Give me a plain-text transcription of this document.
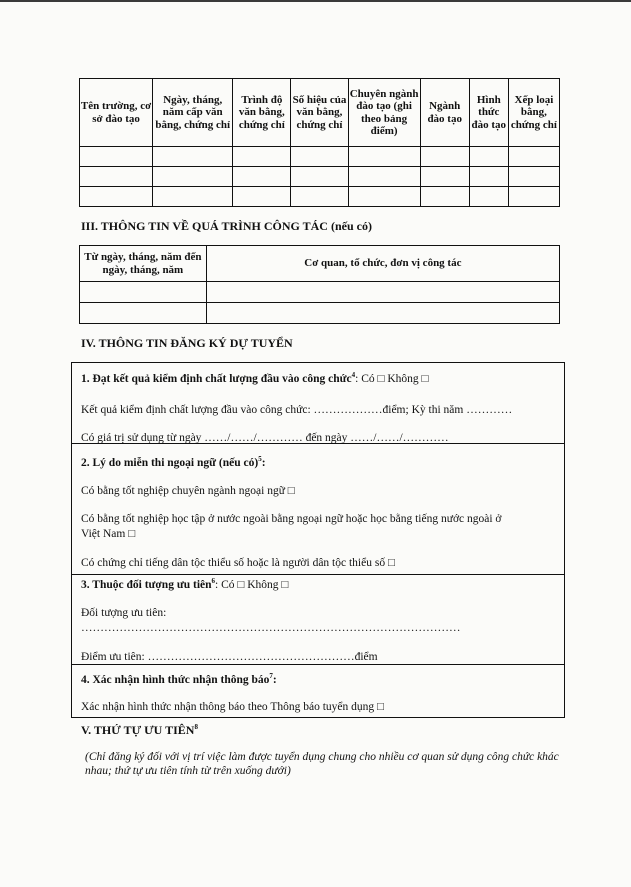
Tên trường, cơ sở đào tạo	Ngày, tháng, năm cấp văn bằng, chứng chỉ	Trình độ văn bằng, chứng chỉ	Số hiệu của văn bằng, chứng chỉ	Chuyên ngành đào tạo (ghi theo bảng điểm)	Ngành đào tạo	Hình thức đào tạo	Xếp loại bằng, chứng chỉ

III. THÔNG TIN VỀ QUÁ TRÌNH CÔNG TÁC (nếu có)
Từ ngày, tháng, năm đến ngày, tháng, năm	Cơ quan, tổ chức, đơn vị công tác

IV. THÔNG TIN ĐĂNG KÝ DỰ TUYỂN
1. Đạt kết quả kiểm định chất lượng đầu vào công chức$^4$: Có □ Không □
Kết quả kiểm định chất lượng đầu vào công chức: ………………điểm; Kỳ thi năm …………
Có giá trị sử dụng từ ngày ……/……/………… đến ngày ……/……/…………
2. Lý do miễn thi ngoại ngữ (nếu có)$^5$:
Có bằng tốt nghiệp chuyên ngành ngoại ngữ □
Có bằng tốt nghiệp học tập ở nước ngoài bằng ngoại ngữ hoặc học bằng tiếng nước ngoài ở
Việt Nam □
Có chứng chỉ tiếng dân tộc thiểu số hoặc là người dân tộc thiểu số □
3. Thuộc đối tượng ưu tiên$^6$: Có □ Không □
Đối tượng ưu tiên:
………………………………………………………………………………………
Điểm ưu tiên: ………………………………………………điểm
4. Xác nhận hình thức nhận thông báo$^7$:
Xác nhận hình thức nhận thông báo theo Thông báo tuyển dụng □
V. THỨ TỰ ƯU TIÊN$^8$
(Chỉ đăng ký đối với vị trí việc làm được tuyển dụng chung cho nhiều cơ quan sử dụng công chức khác nhau; thứ tự ưu tiên tính từ trên xuống dưới)
